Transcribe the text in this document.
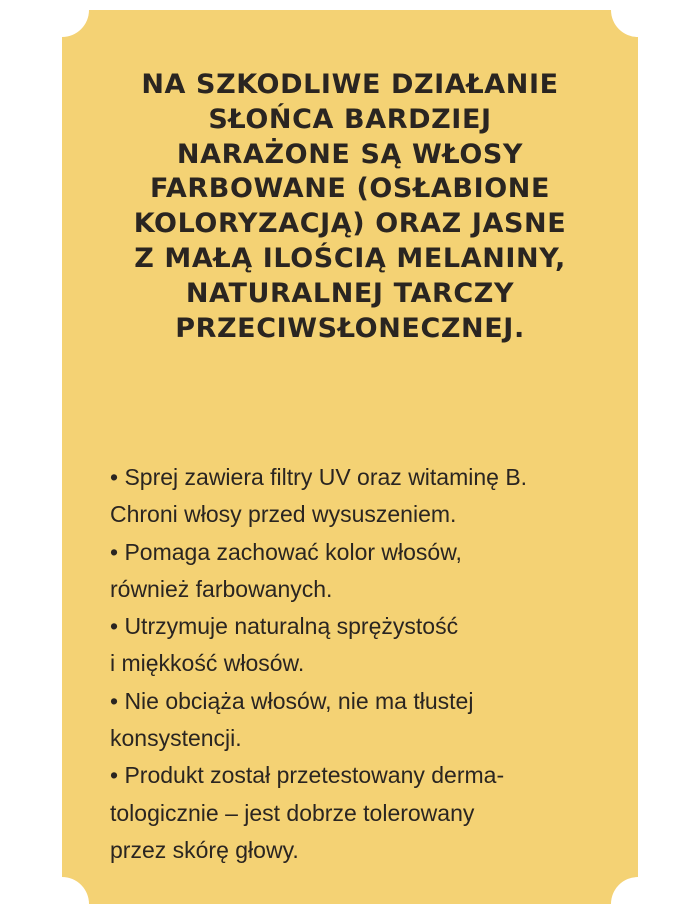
NA SZKODLIWE DZIAŁANIE
SŁOŃCA BARDZIEJ
NARAŻONE SĄ WŁOSY
FARBOWANE (OSŁABIONE
KOLORYZACJĄ) ORAZ JASNE
Z MAŁĄ ILOŚCIĄ MELANINY,
NATURALNEJ TARCZY
PRZECIWSŁONECZNEJ.
• Sprej zawiera filtry UV oraz witaminę B.
Chroni włosy przed wysuszeniem.
• Pomaga zachować kolor włosów,
również farbowanych.
• Utrzymuje naturalną sprężystość
i miękkość włosów.
• Nie obciąża włosów, nie ma tłustej
konsystencji.
• Produkt został przetestowany derma-
tologicznie – jest dobrze tolerowany
przez skórę głowy.
